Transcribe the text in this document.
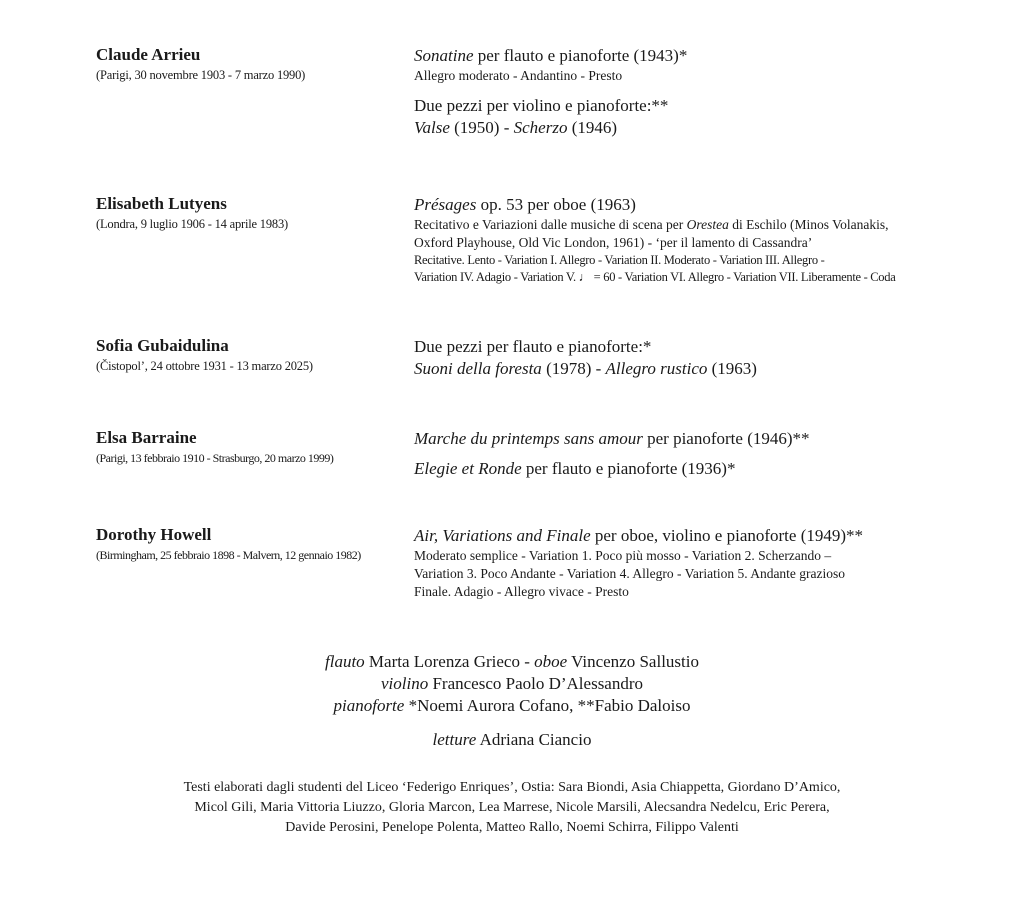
Claude Arrieu
(Parigi, 30 novembre 1903 - 7 marzo 1990)
Sonatine per flauto e pianoforte (1943)*
Allegro moderato - Andantino - Presto
Due pezzi per violino e pianoforte:**
Valse (1950) - Scherzo (1946)
Elisabeth Lutyens
(Londra, 9 luglio 1906 - 14 aprile 1983)
Présages op. 53 per oboe (1963)
Recitativo e Variazioni dalle musiche di scena per Orestea di Eschilo (Minos Volanakis,
Oxford Playhouse, Old Vic London, 1961) - ‘per il lamento di Cassandra’
Recitative. Lento - Variation I. Allegro - Variation II. Moderato - Variation III. Allegro -
Variation IV. Adagio - Variation V. ♩ = 60 - Variation VI. Allegro - Variation VII. Liberamente - Coda
Sofia Gubaidulina
(Čistopol’, 24 ottobre 1931 - 13 marzo 2025)
Due pezzi per flauto e pianoforte:*
Suoni della foresta (1978) - Allegro rustico (1963)
Elsa Barraine
(Parigi, 13 febbraio 1910 - Strasburgo, 20 marzo 1999)
Marche du printemps sans amour per pianoforte (1946)**
Elegie et Ronde per flauto e pianoforte (1936)*
Dorothy Howell
(Birmingham, 25 febbraio 1898 - Malvern, 12 gennaio 1982)
Air, Variations and Finale per oboe, violino e pianoforte (1949)**
Moderato semplice - Variation 1. Poco più mosso - Variation 2. Scherzando –
Variation 3. Poco Andante - Variation 4. Allegro - Variation 5. Andante grazioso
Finale. Adagio - Allegro vivace - Presto
flauto Marta Lorenza Grieco - oboe Vincenzo Sallustio
violino Francesco Paolo D’Alessandro
pianoforte *Noemi Aurora Cofano, **Fabio Daloiso
letture Adriana Ciancio
Testi elaborati dagli studenti del Liceo ‘Federigo Enriques’, Ostia: Sara Biondi, Asia Chiappetta, Giordano D’Amico,
Micol Gili, Maria Vittoria Liuzzo, Gloria Marcon, Lea Marrese, Nicole Marsili, Alecsandra Nedelcu, Eric Perera,
Davide Perosini, Penelope Polenta, Matteo Rallo, Noemi Schirra, Filippo Valenti
